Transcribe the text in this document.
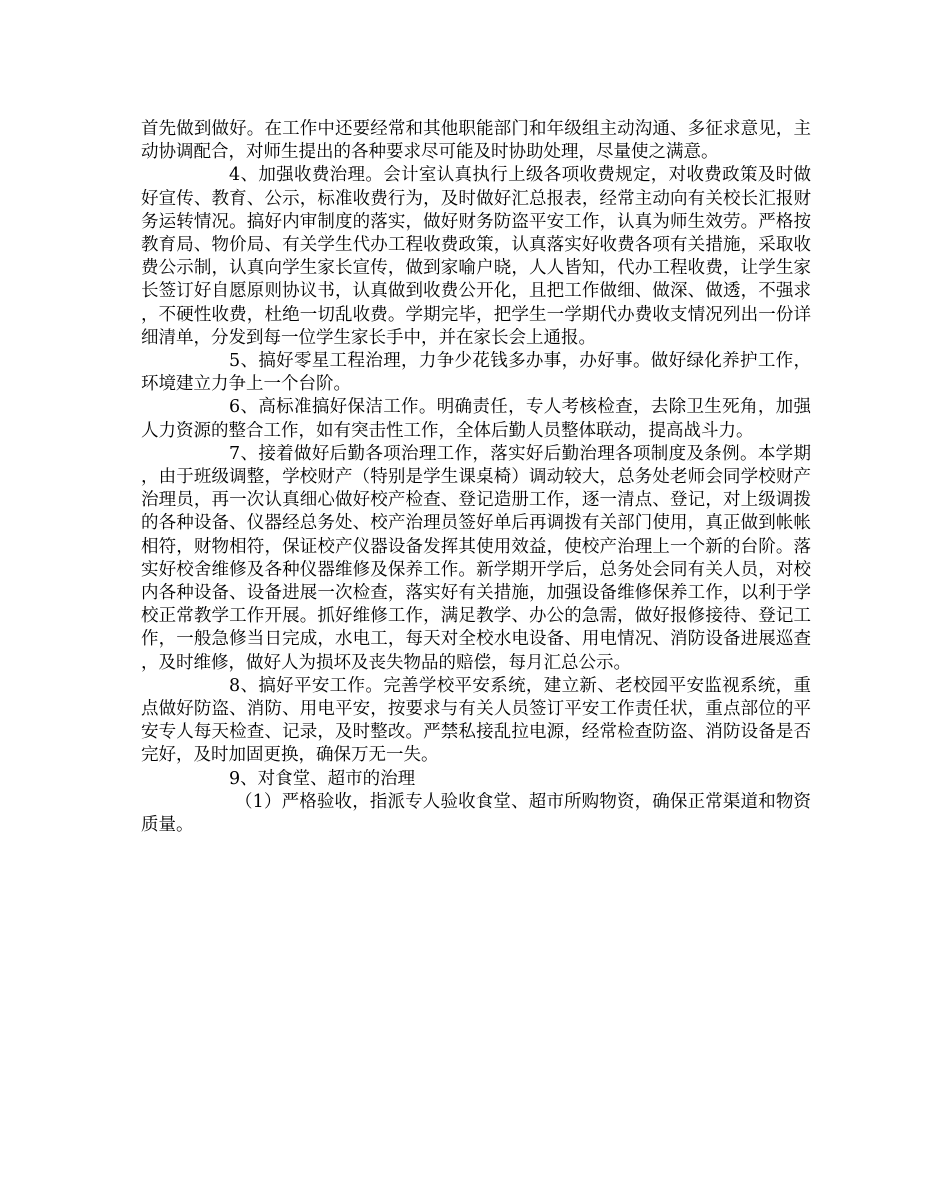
首先做到做好。在工作中还要经常和其他职能部门和年级组主动沟通、多征求意见，主动协调配合，对师生提出的各种要求尽可能及时协助处理，尽量使之满意。

4、加强收费治理。会计室认真执行上级各项收费规定，对收费政策及时做好宣传、教育、公示，标准收费行为，及时做好汇总报表，经常主动向有关校长汇报财务运转情况。搞好内审制度的落实，做好财务防盗平安工作，认真为师生效劳。严格按教育局、物价局、有关学生代办工程收费政策，认真落实好收费各项有关措施，采取收费公示制，认真向学生家长宣传，做到家喻户晓，人人皆知，代办工程收费，让学生家长签订好自愿原则协议书，认真做到收费公开化，且把工作做细、做深、做透，不强求，不硬性收费，杜绝一切乱收费。学期完毕，把学生一学期代办费收支情况列出一份详细清单，分发到每一位学生家长手中，并在家长会上通报。

5、搞好零星工程治理，力争少花钱多办事，办好事。做好绿化养护工作，环境建立力争上一个台阶。

6、高标准搞好保洁工作。明确责任，专人考核检查，去除卫生死角，加强人力资源的整合工作，如有突击性工作，全体后勤人员整体联动，提高战斗力。

7、接着做好后勤各项治理工作，落实好后勤治理各项制度及条例。本学期，由于班级调整，学校财产（特别是学生课桌椅）调动较大，总务处老师会同学校财产治理员，再一次认真细心做好校产检查、登记造册工作，逐一清点、登记，对上级调拨的各种设备、仪器经总务处、校产治理员签好单后再调拨有关部门使用，真正做到帐帐相符，财物相符，保证校产仪器设备发挥其使用效益，使校产治理上一个新的台阶。落实好校舍维修及各种仪器维修及保养工作。新学期开学后，总务处会同有关人员，对校内各种设备、设备进展一次检查，落实好有关措施，加强设备维修保养工作，以利于学校正常教学工作开展。抓好维修工作，满足教学、办公的急需，做好报修接待、登记工作，一般急修当日完成，水电工，每天对全校水电设备、用电情况、消防设备进展巡查，及时维修，做好人为损坏及丧失物品的赔偿，每月汇总公示。

8、搞好平安工作。完善学校平安系统，建立新、老校园平安监视系统，重点做好防盗、消防、用电平安，按要求与有关人员签订平安工作责任状，重点部位的平安专人每天检查、记录，及时整改。严禁私接乱拉电源，经常检查防盗、消防设备是否完好，及时加固更换，确保万无一失。

9、对食堂、超市的治理

（1）严格验收，指派专人验收食堂、超市所购物资，确保正常渠道和物资质量。
